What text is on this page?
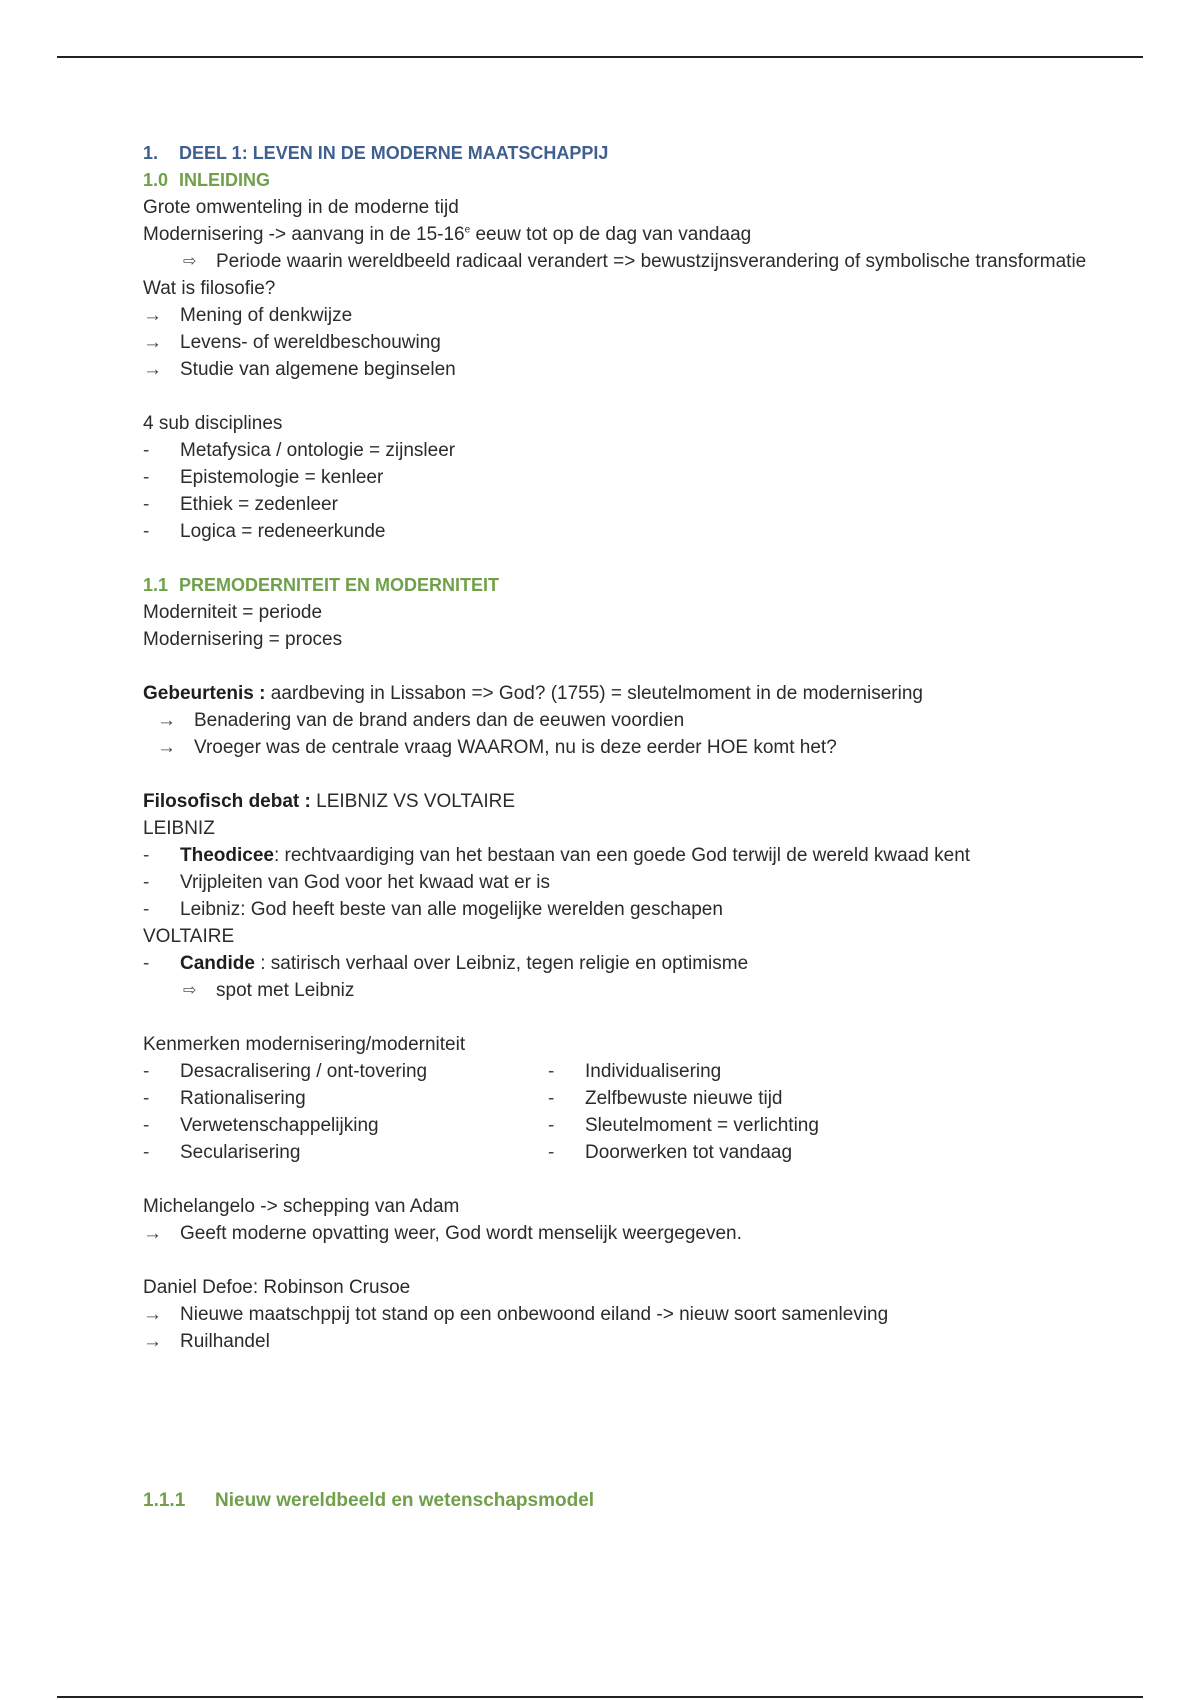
1. DEEL 1: LEVEN IN DE MODERNE MAATSCHAPPIJ
1.0 INLEIDING
Grote omwenteling in de moderne tijd
Modernisering -> aanvang in de 15-16e eeuw tot op de dag van vandaag
⇨ Periode waarin wereldbeeld radicaal verandert => bewustzijnsverandering of symbolische transformatie
Wat is filosofie?
→ Mening of denkwijze
→ Levens- of wereldbeschouwing
→ Studie van algemene beginselen
4 sub disciplines
-	Metafysica / ontologie = zijnsleer
-	Epistemologie = kenleer
-	Ethiek = zedenleer
-	Logica = redeneerkunde
1.1 PREMODERNITEIT EN MODERNITEIT
Moderniteit = periode
Modernisering = proces
Gebeurtenis : aardbeving in Lissabon => God? (1755) = sleutelmoment in de modernisering
→ Benadering van de brand anders dan de eeuwen voordien
→ Vroeger was de centrale vraag WAAROM, nu is deze eerder HOE komt het?
Filosofisch debat : LEIBNIZ VS VOLTAIRE
LEIBNIZ
-	Theodicee: rechtvaardiging van het bestaan van een goede God terwijl de wereld kwaad kent
-	Vrijpleiten van God voor het kwaad wat er is
-	Leibniz: God heeft beste van alle mogelijke werelden geschapen
VOLTAIRE
-	Candide : satirisch verhaal over Leibniz, tegen religie en optimisme
⇨ spot met Leibniz
Kenmerken modernisering/moderniteit
-	Desacralisering / ont-tovering
-	Rationalisering
-	Verwetenschappelijking
-	Secularisering
-	Individualisering
-	Zelfbewuste nieuwe tijd
-	Sleutelmoment = verlichting
-	Doorwerken tot vandaag
Michelangelo -> schepping van Adam
→ Geeft moderne opvatting weer, God wordt menselijk weergegeven.
Daniel Defoe: Robinson Crusoe
→ Nieuwe maatschppij tot stand op een onbewoond eiland -> nieuw soort samenleving
→ Ruilhandel
1.1.1 Nieuw wereldbeeld en wetenschapsmodel
